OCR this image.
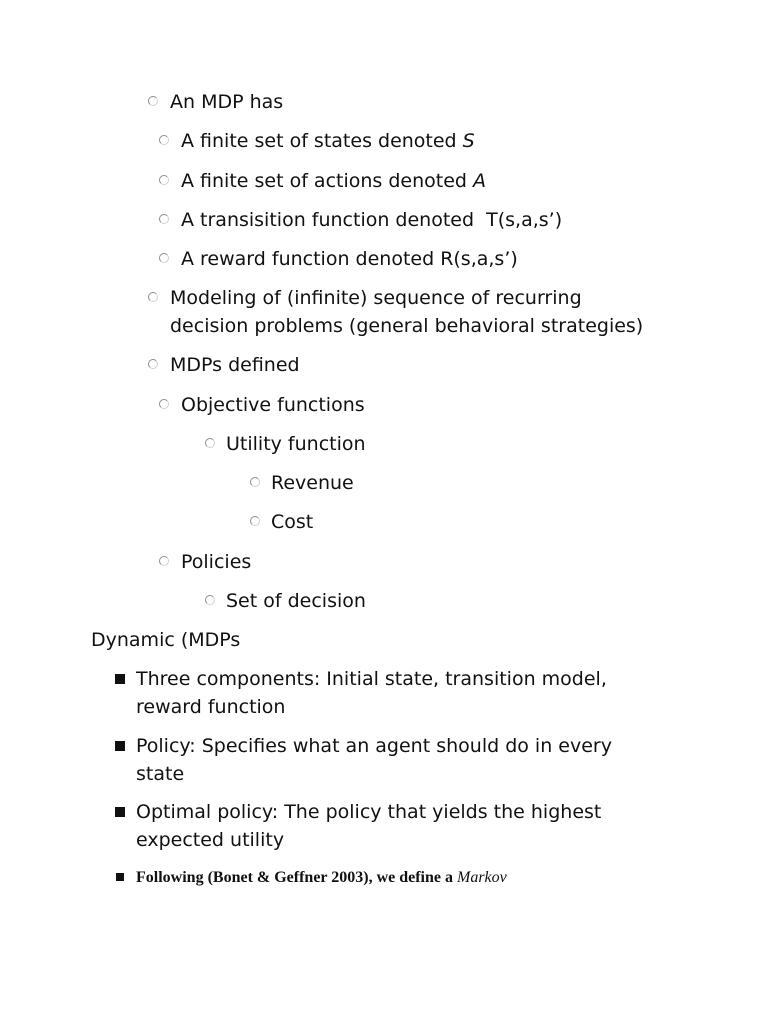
An MDP has
A finite set of states denoted S
A finite set of actions denoted A
A transisition function denoted  T(s,a,s’)
A reward function denoted R(s,a,s’)
Modeling of (infinite) sequence of recurring
decision problems (general behavioral strategies)
MDPs defined
Objective functions
Utility function
Revenue
Cost
Policies
Set of decision
Dynamic (MDPs
Three components: Initial state, transition model,
reward function
Policy: Specifies what an agent should do in every
state
Optimal policy: The policy that yields the highest
expected utility
Following (Bonet & Geffner 2003), we define a Markov
